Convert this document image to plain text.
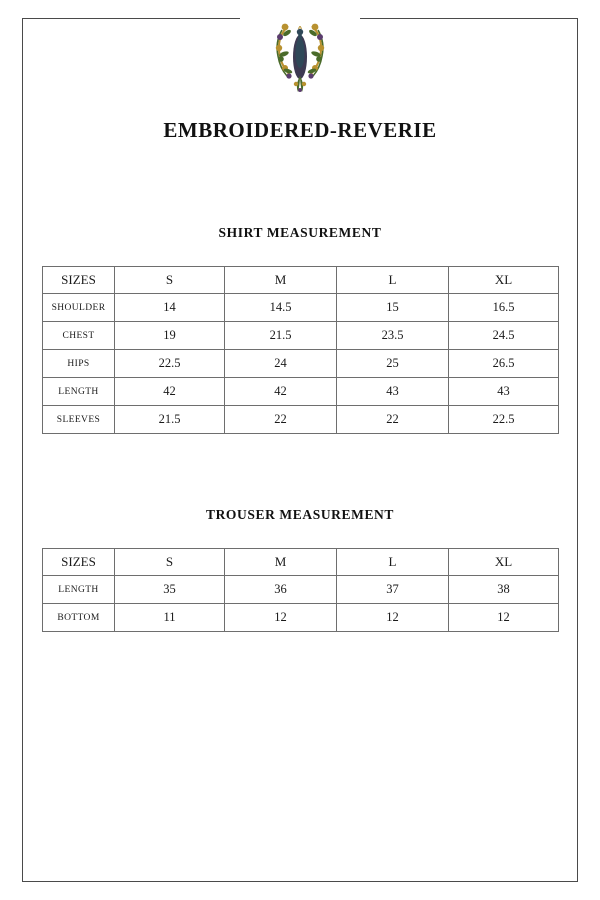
EMBROIDERED-REVERIE
SHIRT MEASUREMENT
SIZES	S	M	L	XL
SHOULDER	14	14.5	15	16.5
CHEST	19	21.5	23.5	24.5
HIPS	22.5	24	25	26.5
LENGTH	42	42	43	43
SLEEVES	21.5	22	22	22.5
TROUSER MEASUREMENT
SIZES	S	M	L	XL
LENGTH	35	36	37	38
BOTTOM	11	12	12	12
